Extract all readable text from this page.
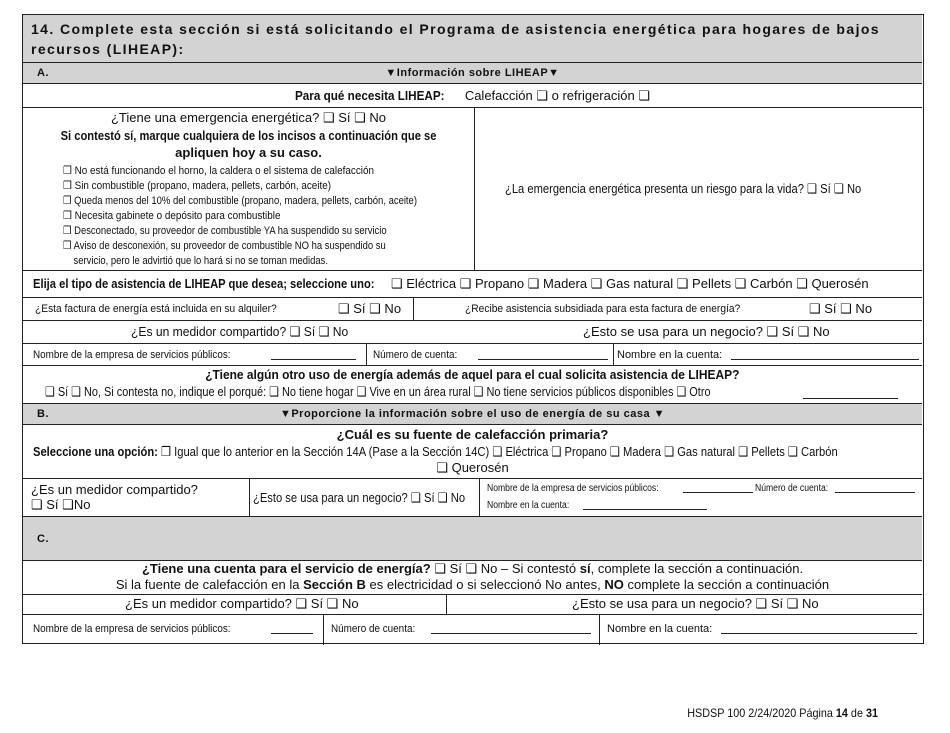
14. Complete esta sección si está solicitando el Programa de asistencia energética para hogares de bajos recursos (LIHEAP):
A.	▼Información sobre LIHEAP▼
Para qué necesita LIHEAP: Calefacción ❑ o refrigeración ❑
¿Tiene una emergencia energética? ❑ Sí ❑ No
Si contestó sí, marque cualquiera de los incisos a continuación que se
apliquen hoy a su caso.
❒ No está funcionando el horno, la caldera o el sistema de calefacción
❒ Sin combustible (propano, madera, pellets, carbón, aceite)
❒ Queda menos del 10% del combustible (propano, madera, pellets, carbón, aceite)
❒ Necesita gabinete o depósito para combustible
❒ Desconectado, su proveedor de combustible YA ha suspendido su servicio
❒ Aviso de desconexión, su proveedor de combustible NO ha suspendido su
servicio, pero le advirtió que lo hará si no se toman medidas.
¿La emergencia energética presenta un riesgo para la vida? ❑ Sí ❑ No
Elija el tipo de asistencia de LIHEAP que desea; seleccione uno:	❑ Eléctrica ❑ Propano ❑ Madera ❑ Gas natural ❑ Pellets ❑ Carbón ❑ Querosén
¿Esta factura de energía está incluida en su alquiler?	❑ Sí ❑ No	¿Recibe asistencia subsidiada para esta factura de energía?	❑ Sí ❑ No
¿Es un medidor compartido? ❑ Sí ❑ No	¿Esto se usa para un negocio? ❑ Sí ❑ No
Nombre de la empresa de servicios públicos:	Número de cuenta:	Nombre en la cuenta:
¿Tiene algún otro uso de energía además de aquel para el cual solicita asistencia de LIHEAP?
❑ Sí ❑ No, Si contesta no, indique el porqué: ❑ No tiene hogar ❑ Vive en un área rural ❑ No tiene servicios públicos disponibles ❑ Otro
B.	▼Proporcione la información sobre el uso de energía de su casa ▼
¿Cuál es su fuente de calefacción primaria?
Seleccione una opción: ❒ Igual que lo anterior en la Sección 14A (Pase a la Sección 14C) ❑ Eléctrica ❑ Propano ❑ Madera ❑ Gas natural ❑ Pellets ❑ Carbón
❑ Querosén
¿Es un medidor compartido?
❑ Sí ❑No	¿Esto se usa para un negocio? ❑ Sí ❑ No
Nombre de la empresa de servicios públicos:	Número de cuenta:
Nombre en la cuenta:
C.
¿Tiene una cuenta para el servicio de energía? ❑ Sí ❑ No – Si contestó sí, complete la sección a continuación.
Si la fuente de calefacción en la Sección B es electricidad o si seleccionó No antes, NO complete la sección a continuación
¿Es un medidor compartido? ❑ Sí ❑ No	¿Esto se usa para un negocio? ❑ Sí ❑ No
Nombre de la empresa de servicios públicos:	Número de cuenta:	Nombre en la cuenta:
HSDSP 100 2/24/2020 Página 14 de 31
